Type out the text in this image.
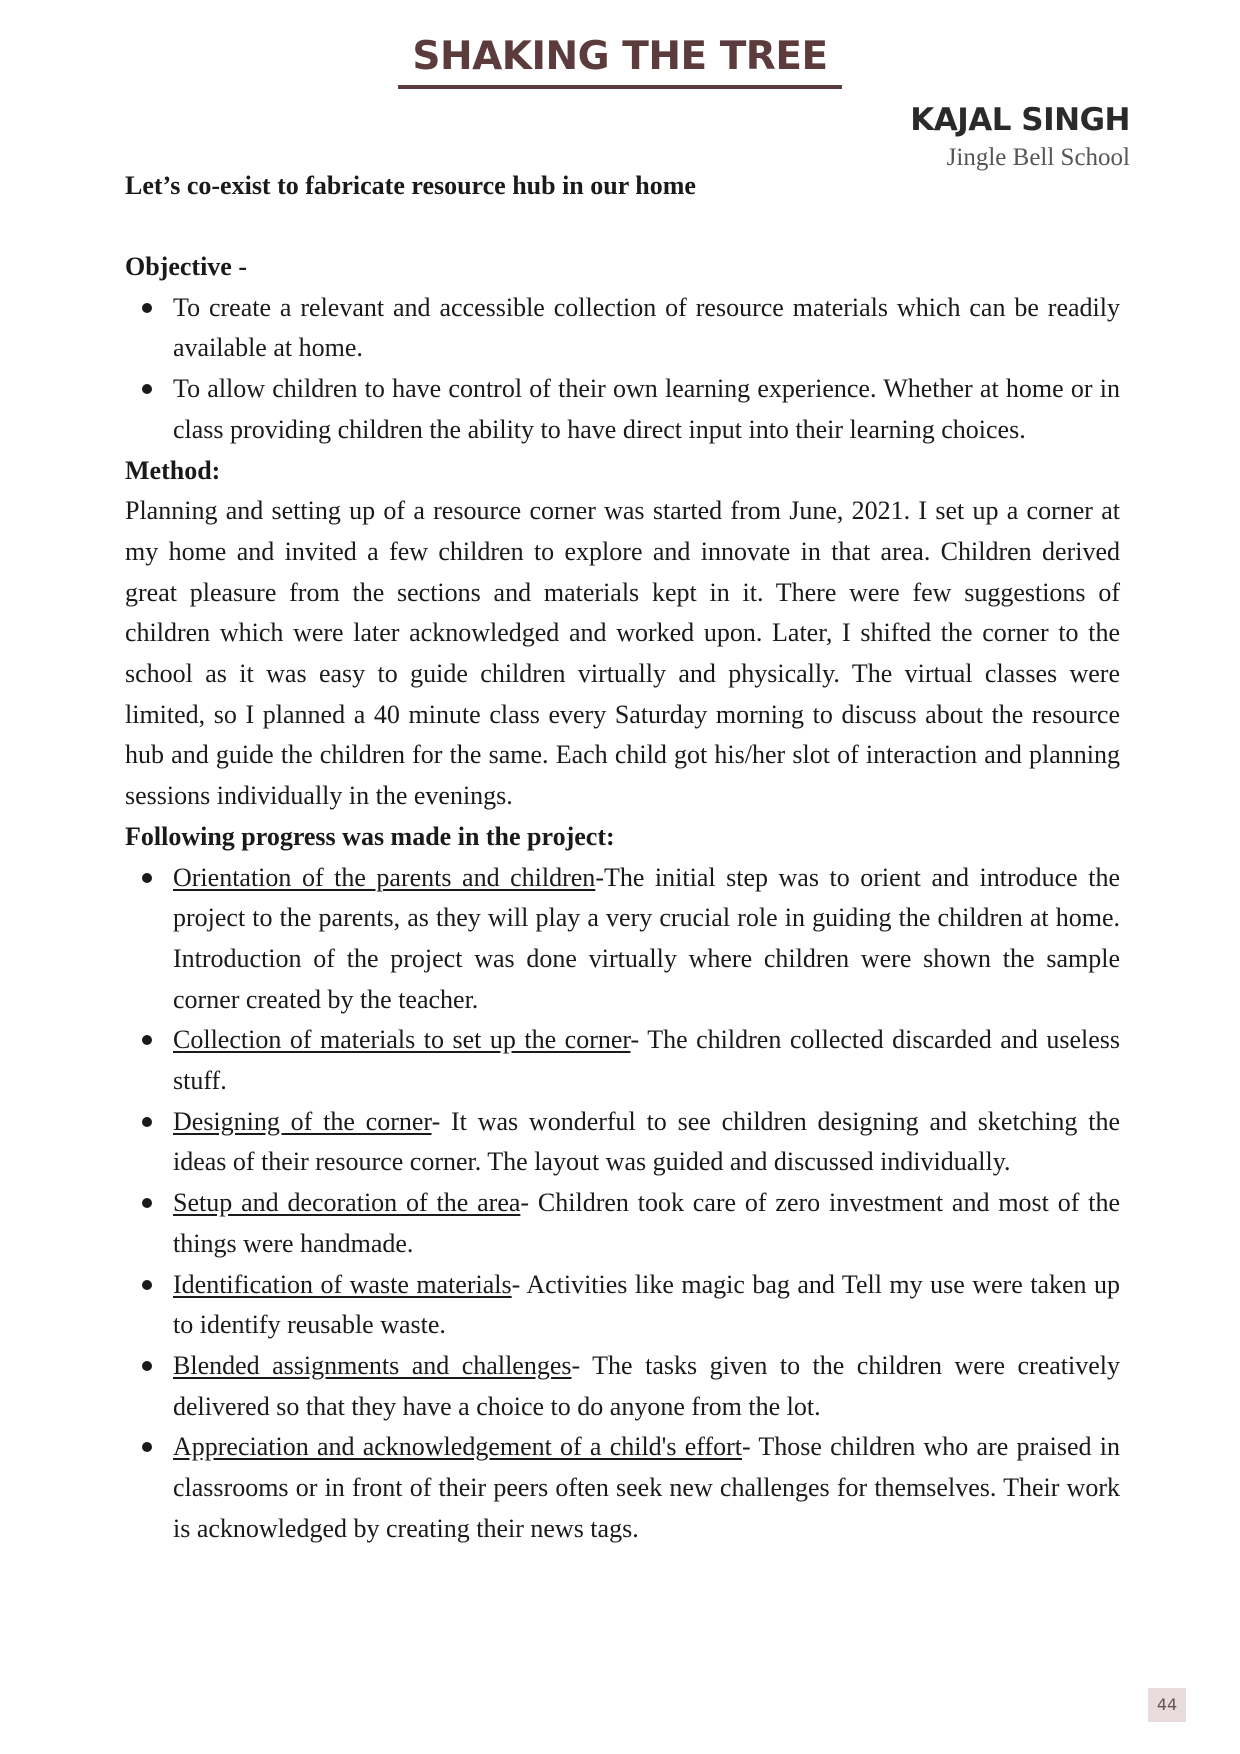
SHAKING THE TREE
KAJAL SINGH
Jingle Bell School
Let’s co-exist to fabricate resource hub in our home
Objective -
To create a relevant and accessible collection of resource materials which can be readily available at home.
To allow children to have control of their own learning experience. Whether at home or in class providing children the ability to have direct input into their learning choices.
Method:

Planning and setting up of a resource corner was started from June, 2021. I set up a corner at my home and invited a few children to explore and innovate in that area. Children derived great pleasure from the sections and materials kept in it. There were few suggestions of children which were later acknowledged and worked upon. Later, I shifted the corner to the school as it was easy to guide children virtually and physically. The virtual classes were limited, so I planned a 40 minute class every Saturday morning to discuss about the resource hub and guide the children for the same. Each child got his/her slot of interaction and planning sessions individually in the evenings.

Following progress was made in the project:
Orientation of the parents and children-The initial step was to orient and introduce the project to the parents, as they will play a very crucial role in guiding the children at home. Introduction of the project was done virtually where children were shown the sample corner created by the teacher.
Collection of materials to set up the corner- The children collected discarded and useless stuff.
Designing of the corner- It was wonderful to see children designing and sketching the ideas of their resource corner. The layout was guided and discussed individually.
Setup and decoration of the area- Children took care of zero investment and most of the things were handmade.
Identification of waste materials- Activities like magic bag and Tell my use were taken up to identify reusable waste.
Blended assignments and challenges- The tasks given to the children were creatively delivered so that they have a choice to do anyone from the lot.
Appreciation and acknowledgement of a child's effort- Those children who are praised in classrooms or in front of their peers often seek new challenges for themselves. Their work is acknowledged by creating their news tags.
44
